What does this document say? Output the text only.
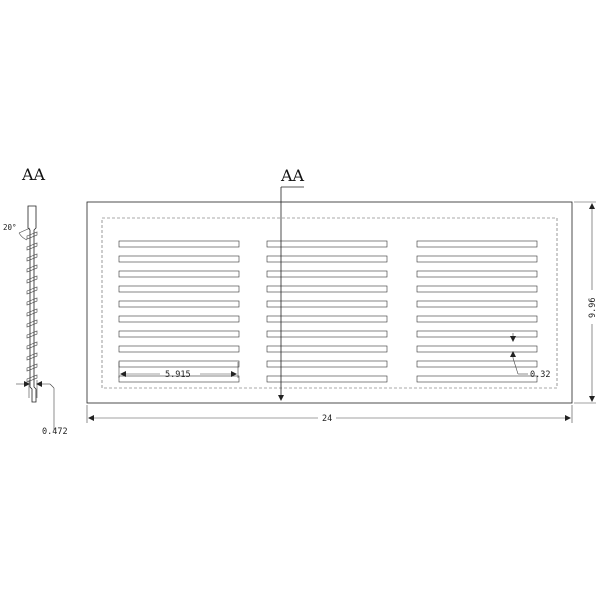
AA
20°
0.472
AA
5.915	0.32
24
9.96
